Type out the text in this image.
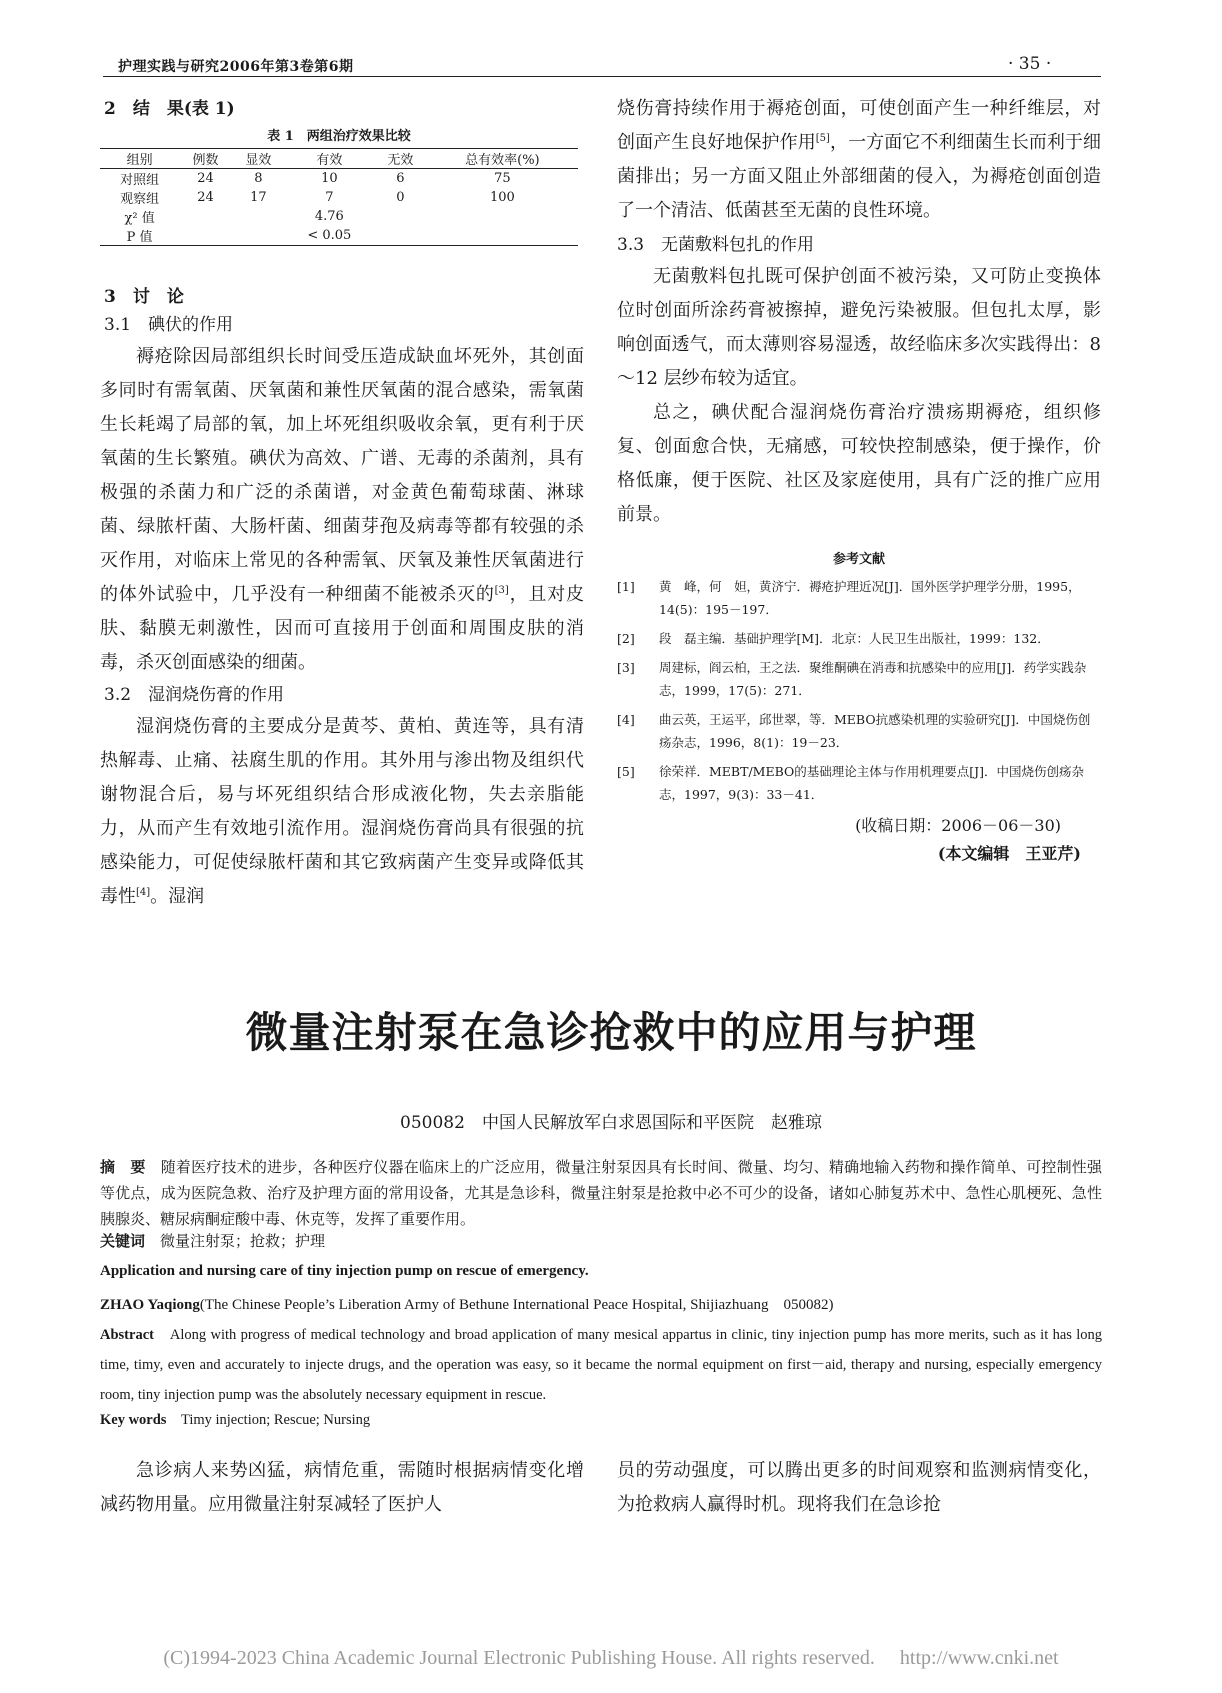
护理实践与研究2006年第3卷第6期	· 35 ·
2　结　果(表 1)
表 1　两组治疗效果比较
组别	例数	显效	有效	无效	总有效率(%)
对照组	24	8	10	6	75
观察组	24	17	7	0	100
χ² 值			4.76		
P 值			< 0.05		
3　讨　论
3.1　碘伏的作用

褥疮除因局部组织长时间受压造成缺血坏死外，其创面多同时有需氧菌、厌氧菌和兼性厌氧菌的混合感染，需氧菌生长耗竭了局部的氧，加上坏死组织吸收余氧，更有利于厌氧菌的生长繁殖。碘伏为高效、广谱、无毒的杀菌剂，具有极强的杀菌力和广泛的杀菌谱，对金黄色葡萄球菌、淋球菌、绿脓杆菌、大肠杆菌、细菌芽孢及病毒等都有较强的杀灭作用，对临床上常见的各种需氧、厌氧及兼性厌氧菌进行的体外试验中，几乎没有一种细菌不能被杀灭的[3]，且对皮肤、黏膜无刺激性，因而可直接用于创面和周围皮肤的消毒，杀灭创面感染的细菌。

3.2　湿润烧伤膏的作用

湿润烧伤膏的主要成分是黄芩、黄柏、黄连等，具有清热解毒、止痛、祛腐生肌的作用。其外用与渗出物及组织代谢物混合后，易与坏死组织结合形成液化物，失去亲脂能力，从而产生有效地引流作用。湿润烧伤膏尚具有很强的抗感染能力，可促使绿脓杆菌和其它致病菌产生变异或降低其毒性[4]。湿润

烧伤膏持续作用于褥疮创面，可使创面产生一种纤维层，对创面产生良好地保护作用[5]，一方面它不利细菌生长而利于细菌排出；另一方面又阻止外部细菌的侵入，为褥疮创面创造了一个清洁、低菌甚至无菌的良性环境。

3.3　无菌敷料包扎的作用

无菌敷料包扎既可保护创面不被污染，又可防止变换体位时创面所涂药膏被擦掉，避免污染被服。但包扎太厚，影响创面透气，而太薄则容易湿透，故经临床多次实践得出：8～12 层纱布较为适宜。

总之，碘伏配合湿润烧伤膏治疗溃疡期褥疮，组织修复、创面愈合快，无痛感，可较快控制感染，便于操作，价格低廉，便于医院、社区及家庭使用，具有广泛的推广应用前景。

参考文献
[1]	黄　峰，何　妲，黄济宁．褥疮护理近况[J]．国外医学护理学分册，1995，14(5)：195－197．
[2]	段　磊主编．基础护理学[M]．北京：人民卫生出版社，1999：132．
[3]	周建标，阎云柏，王之法．聚维酮碘在消毒和抗感染中的应用[J]．药学实践杂志，1999，17(5)：271．
[4]	曲云英，王运平，邱世翠，等．MEBO抗感染机理的实验研究[J]．中国烧伤创疡杂志，1996，8(1)：19－23．
[5]	徐荣祥．MEBT/MEBO的基础理论主体与作用机理要点[J]．中国烧伤创疡杂志，1997，9(3)：33－41．
(收稿日期：2006－06－30)
(本文编辑　王亚芹)
微量注射泵在急诊抢救中的应用与护理
050082　中国人民解放军白求恩国际和平医院　赵雅琼
摘　要　 随着医疗技术的进步，各种医疗仪器在临床上的广泛应用，微量注射泵因具有长时间、微量、均匀、精确地输入药物和操作简单、可控制性强等优点，成为医院急救、治疗及护理方面的常用设备，尤其是急诊科，微量注射泵是抢救中必不可少的设备，诸如心肺复苏术中、急性心肌梗死、急性胰腺炎、糖尿病酮症酸中毒、休克等，发挥了重要作用。
关键词　 微量注射泵；抢救；护理
Application and nursing care of tiny injection pump on rescue of emergency.
ZHAO Yaqiong(The Chinese People’s Liberation Army of Bethune International Peace Hospital, Shijiazhuang　050082)
Abstract　 Along with progress of medical technology and broad application of many mesical appartus in clinic, tiny injection pump has more merits, such as it has long time, timy, even and accurately to injecte drugs, and the operation was easy, so it became the normal equipment on first－aid, therapy and nursing, especially emergency room, tiny injection pump was the absolutely necessary equipment in rescue.
Key words　 Timy injection; Rescue; Nursing

急诊病人来势凶猛，病情危重，需随时根据病情变化增减药物用量。应用微量注射泵减轻了医护人

员的劳动强度，可以腾出更多的时间观察和监测病情变化，为抢救病人赢得时机。现将我们在急诊抢

(C)1994-2023 China Academic Journal Electronic Publishing House. All rights reserved.　 http://www.cnki.net
